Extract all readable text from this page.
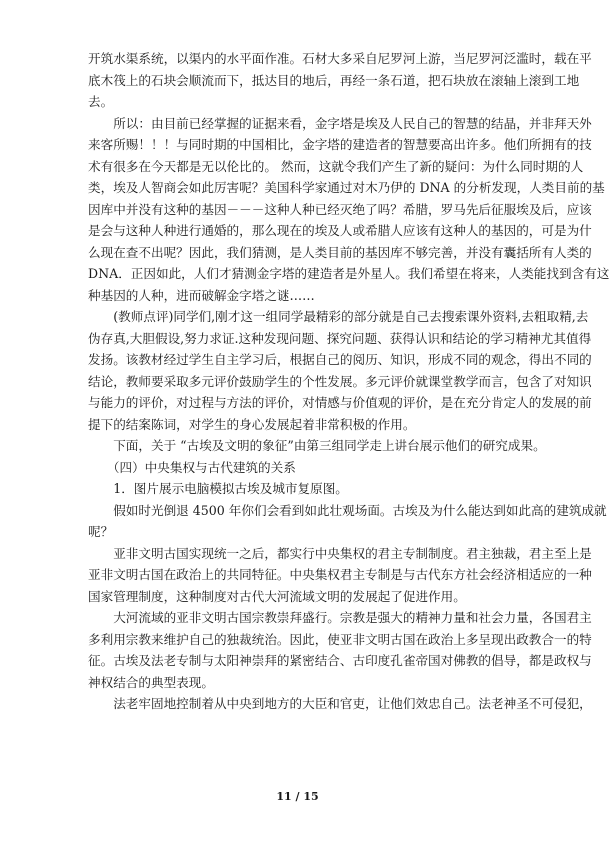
开筑水渠系统，以渠内的水平面作准。石材大多采自尼罗河上游，当尼罗河泛滥时，载在平
底木筏上的石块会顺流而下，抵达目的地后，再经一条石道，把石块放在滚轴上滚到工地
去。
　　所以：由目前已经掌握的证据来看，金字塔是埃及人民自己的智慧的结晶，并非拜天外
来客所赐！！！与同时期的中国相比，金字塔的建造者的智慧要高出许多。他们所拥有的技
术有很多在今天都是无以伦比的。 然而，这就令我们产生了新的疑问：为什么同时期的人
类，埃及人智商会如此厉害呢？美国科学家通过对木乃伊的 DNA 的分析发现，人类目前的基
因库中并没有这种的基因－－－这种人种已经灭绝了吗？希腊，罗马先后征服埃及后，应该
是会与这种人种进行通婚的，那么现在的埃及人或希腊人应该有这种人的基因的，可是为什
么现在查不出呢？因此，我们猜测，是人类目前的基因库不够完善，并没有囊括所有人类的
DNA．正因如此，人们才猜测金字塔的建造者是外星人。我们希望在将来，人类能找到含有这
种基因的人种，进而破解金字塔之谜……
　　(教师点评)同学们,刚才这一组同学最精彩的部分就是自己去搜索课外资料,去粗取精,去
伪存真,大胆假设,努力求证.这种发现问题、探究问题、获得认识和结论的学习精神尤其值得
发扬。该教材经过学生自主学习后，根据自己的阅历、知识，形成不同的观念，得出不同的
结论，教师要采取多元评价鼓励学生的个性发展。多元评价就课堂教学而言，包含了对知识
与能力的评价，对过程与方法的评价，对情感与价值观的评价，是在充分肯定人的发展的前
提下的结案陈词，对学生的身心发展起着非常积极的作用。
　　下面，关于 “古埃及文明的象征”由第三组同学走上讲台展示他们的研究成果。
　　（四）中央集权与古代建筑的关系
　　1．图片展示电脑模拟古埃及城市复原图。
　　假如时光倒退 4500 年你们会看到如此壮观场面。古埃及为什么能达到如此高的建筑成就
呢？
　　亚非文明古国实现统一之后，都实行中央集权的君主专制制度。君主独裁，君主至上是
亚非文明古国在政治上的共同特征。中央集权君主专制是与古代东方社会经济相适应的一种
国家管理制度，这种制度对古代大河流域文明的发展起了促进作用。
　　大河流域的亚非文明古国宗教崇拜盛行。宗教是强大的精神力量和社会力量，各国君主
多利用宗教来维护自己的独裁统治。因此，使亚非文明古国在政治上多呈现出政教合一的特
征。古埃及法老专制与太阳神崇拜的紧密结合、古印度孔雀帝国对佛教的倡导，都是政权与
神权结合的典型表现。
　　法老牢固地控制着从中央到地方的大臣和官吏，让他们效忠自己。法老神圣不可侵犯，
11 / 15
